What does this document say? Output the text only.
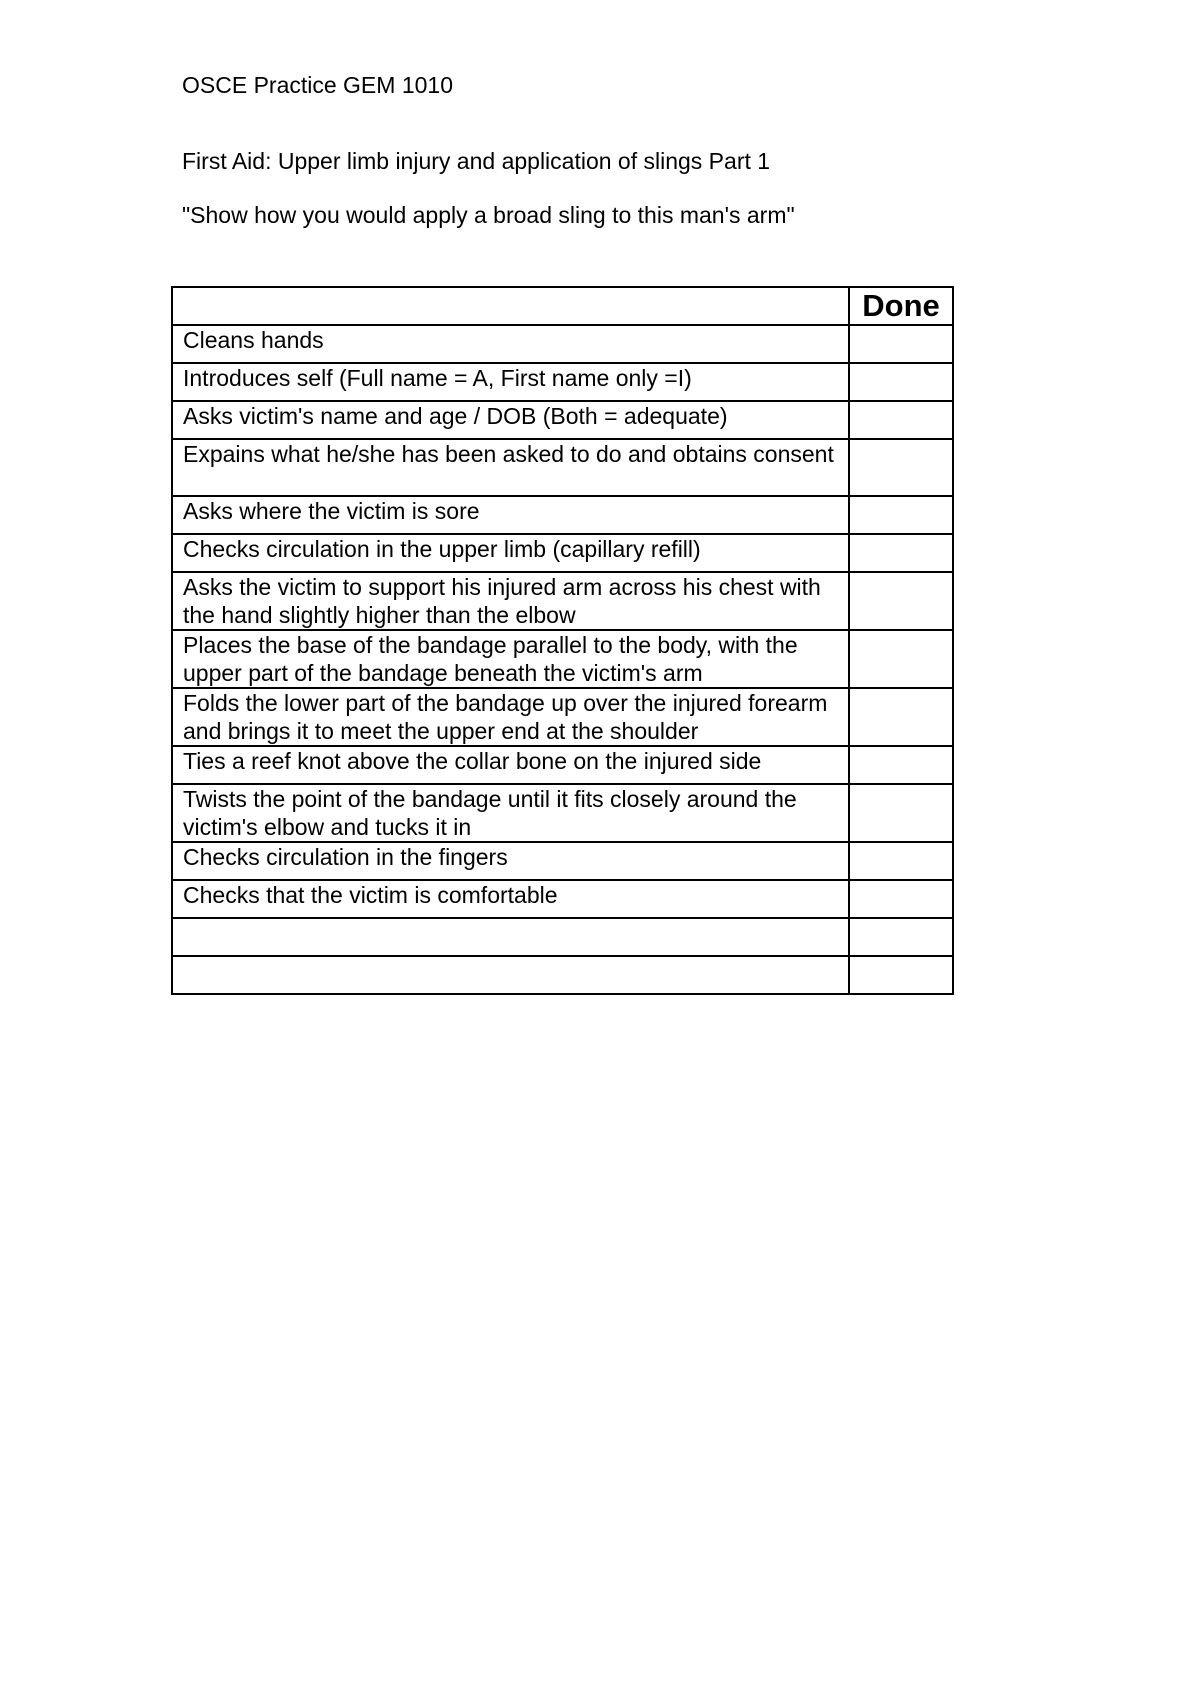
OSCE Practice GEM 1010
First Aid: Upper limb injury and application of slings Part 1
"Show how you would apply a broad sling to this man's arm"
	Done
Cleans hands	
Introduces self (Full name = A, First name only =I)	
Asks victim's name and age / DOB (Both = adequate)	
Expains what he/she has been asked to do and obtains consent	
Asks where the victim is sore	
Checks circulation in the upper limb (capillary refill)	
Asks the victim to support his injured arm across his chest with the hand slightly higher than the elbow	
Places the base of the bandage parallel to the body, with the upper part of the bandage beneath the victim's arm	
Folds the lower part of the bandage up over the injured forearm and brings it to meet the upper end at the shoulder	
Ties a reef knot above the collar bone on the injured side	
Twists the point of the bandage until it fits closely around the victim's elbow and tucks it in	
Checks circulation in the fingers	
Checks that the victim is comfortable	
